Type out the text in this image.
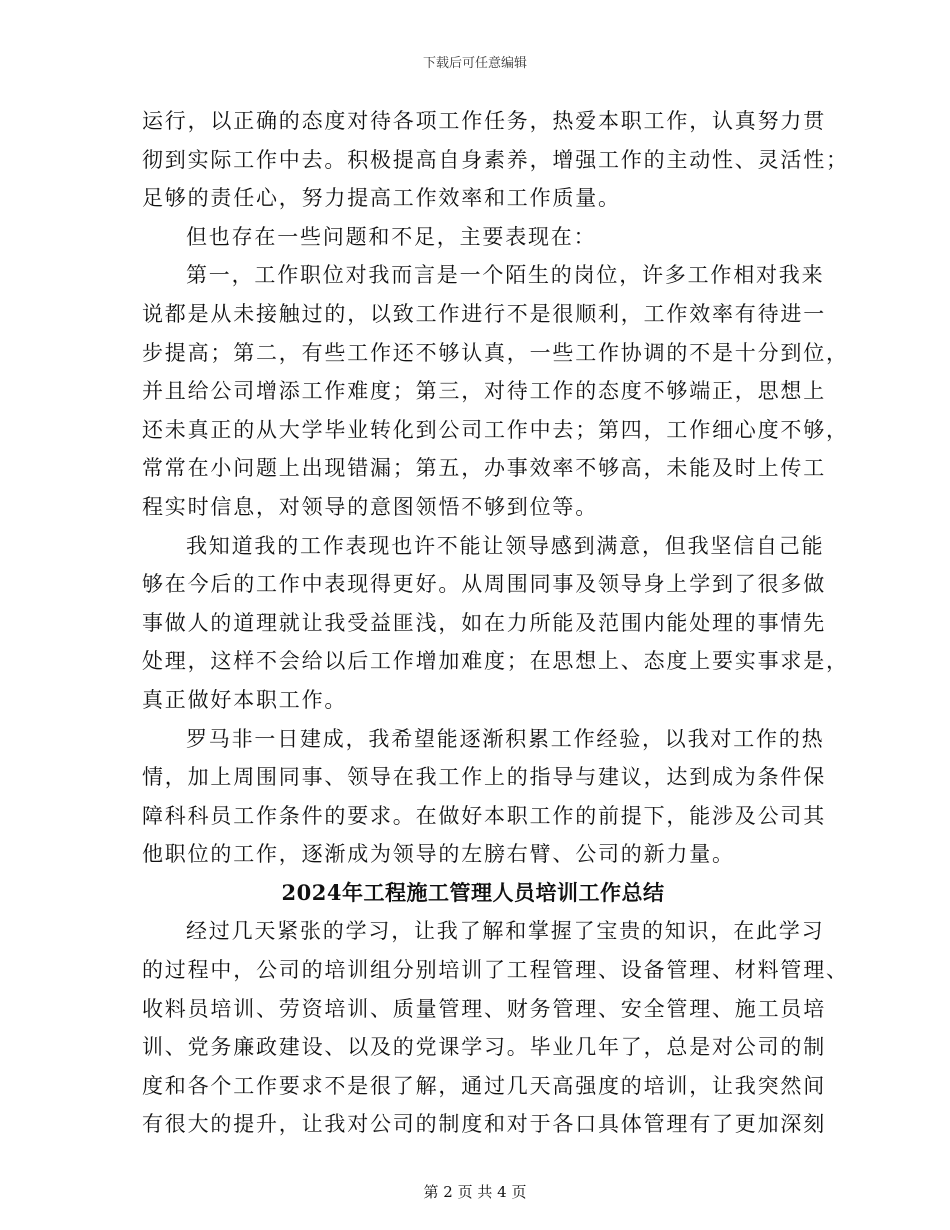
下载后可任意编辑
运行，以正确的态度对待各项工作任务，热爱本职工作，认真努力贯
彻到实际工作中去。积极提高自身素养，增强工作的主动性、灵活性；
足够的责任心，努力提高工作效率和工作质量。
但也存在一些问题和不足，主要表现在：
第一，工作职位对我而言是一个陌生的岗位，许多工作相对我来
说都是从未接触过的，以致工作进行不是很顺利，工作效率有待进一
步提高；第二，有些工作还不够认真，一些工作协调的不是十分到位，
并且给公司增添工作难度；第三，对待工作的态度不够端正，思想上
还未真正的从大学毕业转化到公司工作中去；第四，工作细心度不够，
常常在小问题上出现错漏；第五，办事效率不够高，未能及时上传工
程实时信息，对领导的意图领悟不够到位等。
我知道我的工作表现也许不能让领导感到满意，但我坚信自己能
够在今后的工作中表现得更好。从周围同事及领导身上学到了很多做
事做人的道理就让我受益匪浅，如在力所能及范围内能处理的事情先
处理，这样不会给以后工作增加难度；在思想上、态度上要实事求是，
真正做好本职工作。
罗马非一日建成，我希望能逐渐积累工作经验，以我对工作的热
情，加上周围同事、领导在我工作上的指导与建议，达到成为条件保
障科科员工作条件的要求。在做好本职工作的前提下，能涉及公司其
他职位的工作，逐渐成为领导的左膀右臂、公司的新力量。
2024年工程施工管理人员培训工作总结
经过几天紧张的学习，让我了解和掌握了宝贵的知识，在此学习
的过程中，公司的培训组分别培训了工程管理、设备管理、材料管理、
收料员培训、劳资培训、质量管理、财务管理、安全管理、施工员培
训、党务廉政建设、以及的党课学习。毕业几年了，总是对公司的制
度和各个工作要求不是很了解，通过几天高强度的培训，让我突然间
有很大的提升，让我对公司的制度和对于各口具体管理有了更加深刻
第 2 页 共 4 页
